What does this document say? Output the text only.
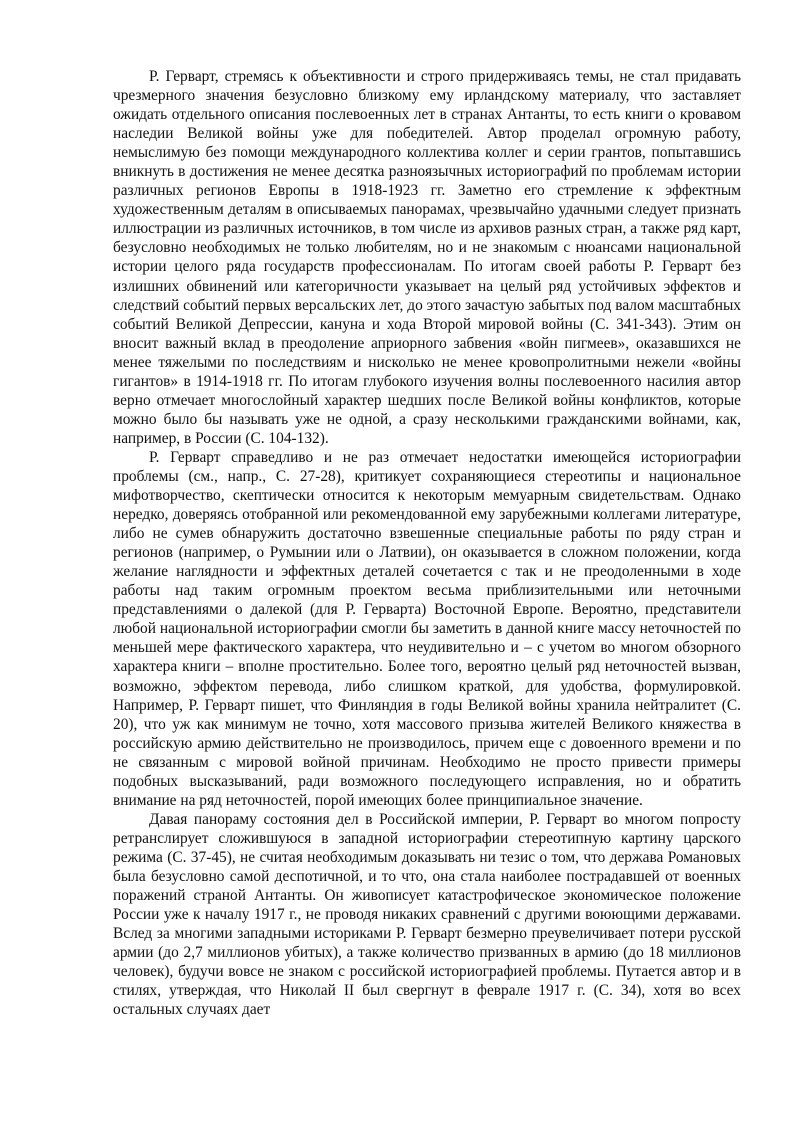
Р. Герварт, стремясь к объективности и строго придерживаясь темы, не стал придавать чрезмерного значения безусловно близкому ему ирландскому материалу, что заставляет ожидать отдельного описания послевоенных лет в странах Антанты, то есть книги о кровавом наследии Великой войны уже для победителей. Автор проделал огромную работу, немыслимую без помощи международного коллектива коллег и серии грантов, попытавшись вникнуть в достижения не менее десятка разноязычных историографий по проблемам истории различных регионов Европы в 1918-1923 гг. Заметно его стремление к эффектным художественным деталям в описываемых панорамах, чрезвычайно удачными следует признать иллюстрации из различных источников, в том числе из архивов разных стран, а также ряд карт, безусловно необходимых не только любителям, но и не знакомым с нюансами национальной истории целого ряда государств профессионалам. По итогам своей работы Р. Герварт без излишних обвинений или категоричности указывает на целый ряд устойчивых эффектов и следствий событий первых версальских лет, до этого зачастую забытых под валом масштабных событий Великой Депрессии, кануна и хода Второй мировой войны (С. 341-343). Этим он вносит важный вклад в преодоление априорного забвения «войн пигмеев», оказавшихся не менее тяжелыми по последствиям и нисколько не менее кровопролитными нежели «войны гигантов» в 1914-1918 гг. По итогам глубокого изучения волны послевоенного насилия автор верно отмечает многослойный характер шедших после Великой войны конфликтов, которые можно было бы называть уже не одной, а сразу несколькими гражданскими войнами, как, например, в России (С. 104-132).

Р. Герварт справедливо и не раз отмечает недостатки имеющейся историографии проблемы (см., напр., С. 27-28), критикует сохраняющиеся стереотипы и национальное мифотворчество, скептически относится к некоторым мемуарным свидетельствам. Однако нередко, доверяясь отобранной или рекомендованной ему зарубежными коллегами литературе, либо не сумев обнаружить достаточно взвешенные специальные работы по ряду стран и регионов (например, о Румынии или о Латвии), он оказывается в сложном положении, когда желание наглядности и эффектных деталей сочетается с так и не преодоленными в ходе работы над таким огромным проектом весьма приблизительными или неточными представлениями о далекой (для Р. Герварта) Восточной Европе. Вероятно, представители любой национальной историографии смогли бы заметить в данной книге массу неточностей по меньшей мере фактического характера, что неудивительно и – с учетом во многом обзорного характера книги – вполне простительно. Более того, вероятно целый ряд неточностей вызван, возможно, эффектом перевода, либо слишком краткой, для удобства, формулировкой. Например, Р. Герварт пишет, что Финляндия в годы Великой войны хранила нейтралитет (С. 20), что уж как минимум не точно, хотя массового призыва жителей Великого княжества в российскую армию действительно не производилось, причем еще с довоенного времени и по не связанным с мировой войной причинам. Необходимо не просто привести примеры подобных высказываний, ради возможного последующего исправления, но и обратить внимание на ряд неточностей, порой имеющих более принципиальное значение.

Давая панораму состояния дел в Российской империи, Р. Герварт во многом попросту ретранслирует сложившуюся в западной историографии стереотипную картину царского режима (С. 37-45), не считая необходимым доказывать ни тезис о том, что держава Романовых была безусловно самой деспотичной, и то что, она стала наиболее пострадавшей от военных поражений страной Антанты. Он живописует катастрофическое экономическое положение России уже к началу 1917 г., не проводя никаких сравнений с другими воюющими державами. Вслед за многими западными историками Р. Герварт безмерно преувеличивает потери русской армии (до 2,7 миллионов убитых), а также количество призванных в армию (до 18 миллионов человек), будучи вовсе не знаком с российской историографией проблемы. Путается автор и в стилях, утверждая, что Николай II был свергнут в феврале 1917 г. (С. 34), хотя во всех остальных случаях дает
